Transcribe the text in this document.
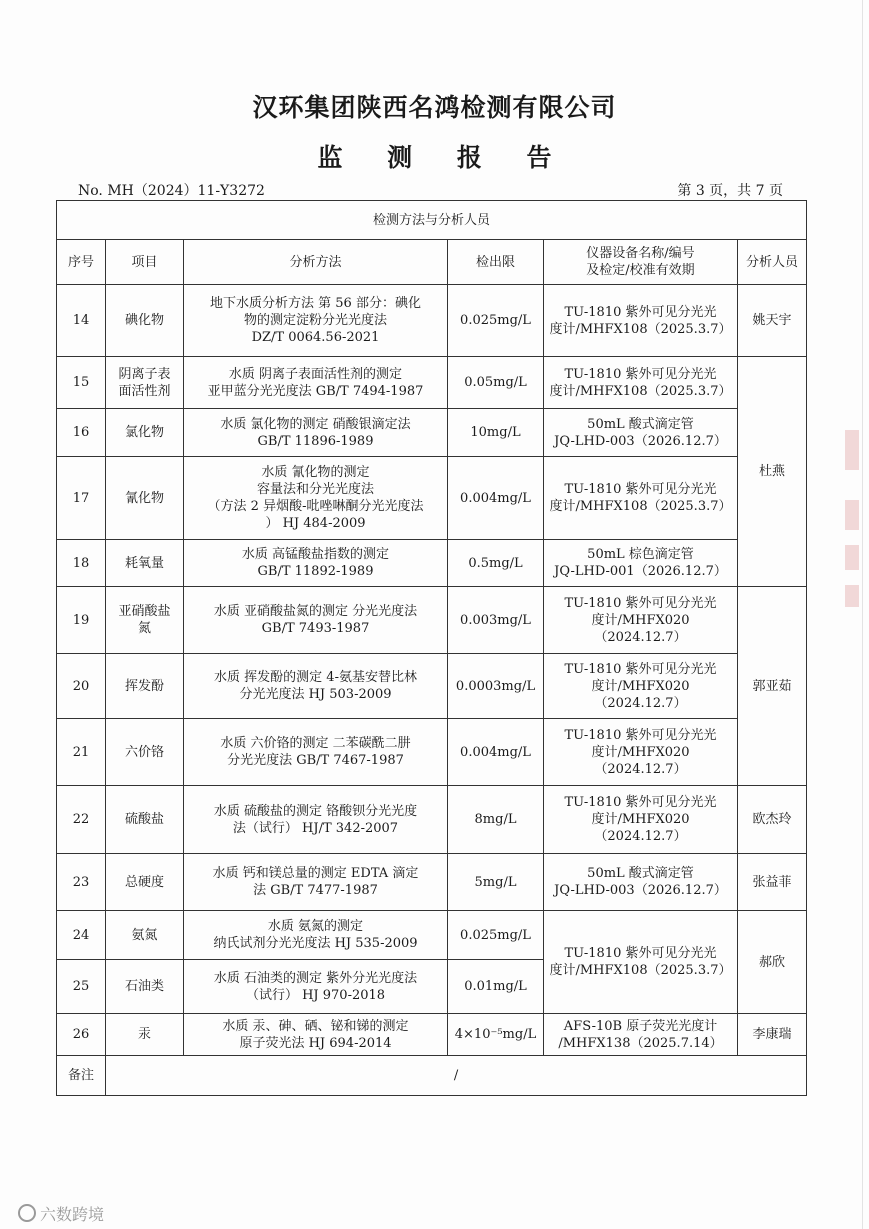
汉环集团陕西名鸿检测有限公司
监 测 报 告
No. MH（2024）11-Y3272	第 3 页，共 7 页
检测方法与分析人员					
序号	项目	分析方法	检出限	仪器设备名称/编号
及检定/校准有效期	分析人员
14	碘化物	地下水质分析方法 第 56 部分：碘化
物的测定淀粉分光光度法
DZ/T 0064.56-2021	0.025mg/L	TU-1810 紫外可见分光光
度计/MHFX108（2025.3.7）	姚天宇
15	阴离子表
面活性剂	水质 阴离子表面活性剂的测定
亚甲蓝分光光度法 GB/T 7494-1987	0.05mg/L	TU-1810 紫外可见分光光
度计/MHFX108（2025.3.7）	杜燕
16	氯化物	水质 氯化物的测定 硝酸银滴定法
GB/T 11896-1989	10mg/L	50mL 酸式滴定管
JQ-LHD-003（2026.12.7）	
17	氰化物	水质 氰化物的测定
容量法和分光光度法
（方法 2 异烟酸-吡唑啉酮分光光度法
） HJ 484-2009	0.004mg/L	TU-1810 紫外可见分光光
度计/MHFX108（2025.3.7）	
18	耗氧量	水质 高锰酸盐指数的测定
GB/T 11892-1989	0.5mg/L	50mL 棕色滴定管
JQ-LHD-001（2026.12.7）	
19	亚硝酸盐
氮	水质 亚硝酸盐氮的测定 分光光度法
GB/T 7493-1987	0.003mg/L	TU-1810 紫外可见分光光
度计/MHFX020
（2024.12.7）	郭亚茹
20	挥发酚	水质 挥发酚的测定 4-氨基安替比林
分光光度法 HJ 503-2009	0.0003mg/L	TU-1810 紫外可见分光光
度计/MHFX020
（2024.12.7）	
21	六价铬	水质 六价铬的测定 二苯碳酰二肼
分光光度法 GB/T 7467-1987	0.004mg/L	TU-1810 紫外可见分光光
度计/MHFX020
（2024.12.7）	
22	硫酸盐	水质 硫酸盐的测定 铬酸钡分光光度
法（试行） HJ/T 342-2007	8mg/L	TU-1810 紫外可见分光光
度计/MHFX020
（2024.12.7）	欧杰玲
23	总硬度	水质 钙和镁总量的测定 EDTA 滴定
法 GB/T 7477-1987	5mg/L	50mL 酸式滴定管
JQ-LHD-003（2026.12.7）	张益菲
24	氨氮	水质 氨氮的测定
纳氏试剂分光光度法 HJ 535-2009	0.025mg/L	TU-1810 紫外可见分光光
度计/MHFX108（2025.3.7）	郝欣
25	石油类	水质 石油类的测定 紫外分光光度法
（试行） HJ 970-2018	0.01mg/L		
26	汞	水质 汞、砷、硒、铋和锑的测定
原子荧光法 HJ 694-2014	4×10⁻⁵mg/L	AFS-10B 原子荧光光度计
/MHFX138（2025.7.14）	李康瑞
备注	/				
六数跨境
